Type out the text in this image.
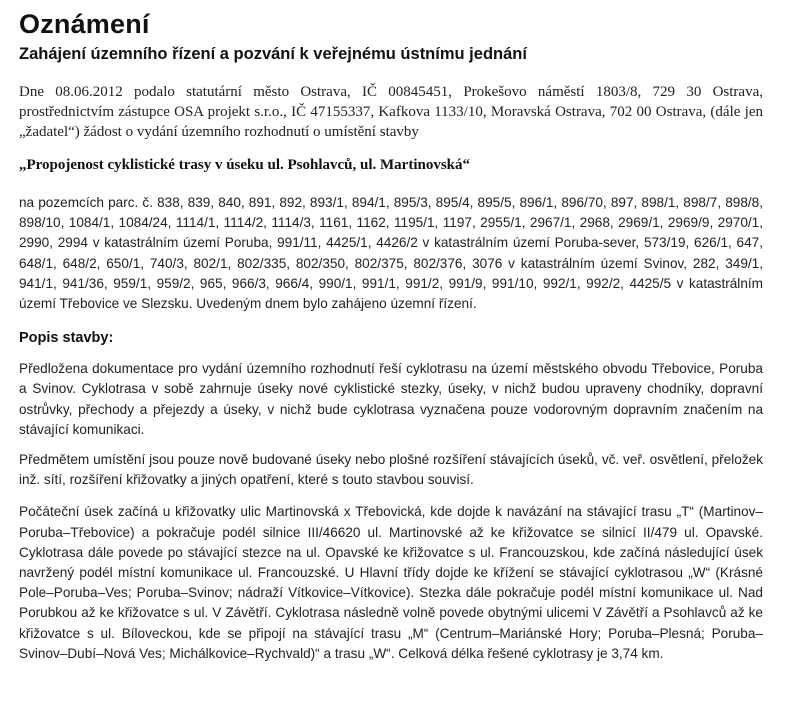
Oznámení
Zahájení územního řízení a pozvání k veřejnému ústnímu jednání

Dne 08.06.2012 podalo statutární město Ostrava, IČ 00845451, Prokešovo náměstí 1803/8, 729 30 Ostrava, prostřednictvím zástupce OSA projekt s.r.o., IČ 47155337, Kafkova 1133/10, Moravská Ostrava, 702 00 Ostrava, (dále jen „žadatel“) žádost o vydání územního rozhodnutí o umístění stavby

„Propojenost cyklistické trasy v úseku ul. Psohlavců, ul. Martinovská“

na pozemcích parc. č. 838, 839, 840, 891, 892, 893/1, 894/1, 895/3, 895/4, 895/5, 896/1, 896/70, 897, 898/1, 898/7, 898/8, 898/10, 1084/1, 1084/24, 1114/1, 1114/2, 1114/3, 1161, 1162, 1195/1, 1197, 2955/1, 2967/1, 2968, 2969/1, 2969/9, 2970/1, 2990, 2994 v katastrálním území Poruba, 991/11, 4425/1, 4426/2 v katastrálním území Poruba-sever, 573/19, 626/1, 647, 648/1, 648/2, 650/1, 740/3, 802/1, 802/335, 802/350, 802/375, 802/376, 3076 v katastrálním území Svinov, 282, 349/1, 941/1, 941/36, 959/1, 959/2, 965, 966/3, 966/4, 990/1, 991/1, 991/2, 991/9, 991/10, 992/1, 992/2, 4425/5 v katastrálním území Třebovice ve Slezsku. Uvedeným dnem bylo zahájeno územní řízení.

Popis stavby:

Předložena dokumentace pro vydání územního rozhodnutí řeší cyklotrasu na území městského obvodu Třebovice, Poruba a Svinov. Cyklotrasa v sobě zahrnuje úseky nové cyklistické stezky, úseky, v nichž budou upraveny chodníky, dopravní ostrůvky, přechody a přejezdy a úseky, v nichž bude cyklotrasa vyznačena pouze vodorovným dopravním značením na stávající komunikaci.

Předmětem umístění jsou pouze nově budované úseky nebo plošné rozšíření stávajících úseků, vč. veř. osvětlení, přeložek inž. sítí, rozšíření křižovatky a jiných opatření, které s touto stavbou souvisí.

Počáteční úsek začíná u křižovatky ulic Martinovská x Třebovická, kde dojde k navázání na stávající trasu „T“ (Martinov–Poruba–Třebovice) a pokračuje podél silnice III/46620 ul. Martinovské až ke křižovatce se silnicí II/479 ul. Opavské. Cyklotrasa dále povede po stávající stezce na ul. Opavské ke křižovatce s ul. Francouzskou, kde začíná následující úsek navržený podél místní komunikace ul. Francouzské. U Hlavní třídy dojde ke křížení se stávající cyklotrasou „W“ (Krásné Pole–Poruba–Ves; Poruba–Svinov; nádraží Vítkovice–Vítkovice). Stezka dále pokračuje podél místní komunikace ul. Nad Porubkou až ke křižovatce s ul. V Závětří. Cyklotrasa následně volně povede obytnými ulicemi V Závětří a Psohlavců až ke křižovatce s ul. Bíloveckou, kde se připojí na stávající trasu „M“ (Centrum–Mariánské Hory; Poruba–Plesná; Poruba–Svinov–Dubí–Nová Ves; Michálkovice–Rychvald)“ a trasu „W“. Celková délka řešené cyklotrasy je 3,74 km.
